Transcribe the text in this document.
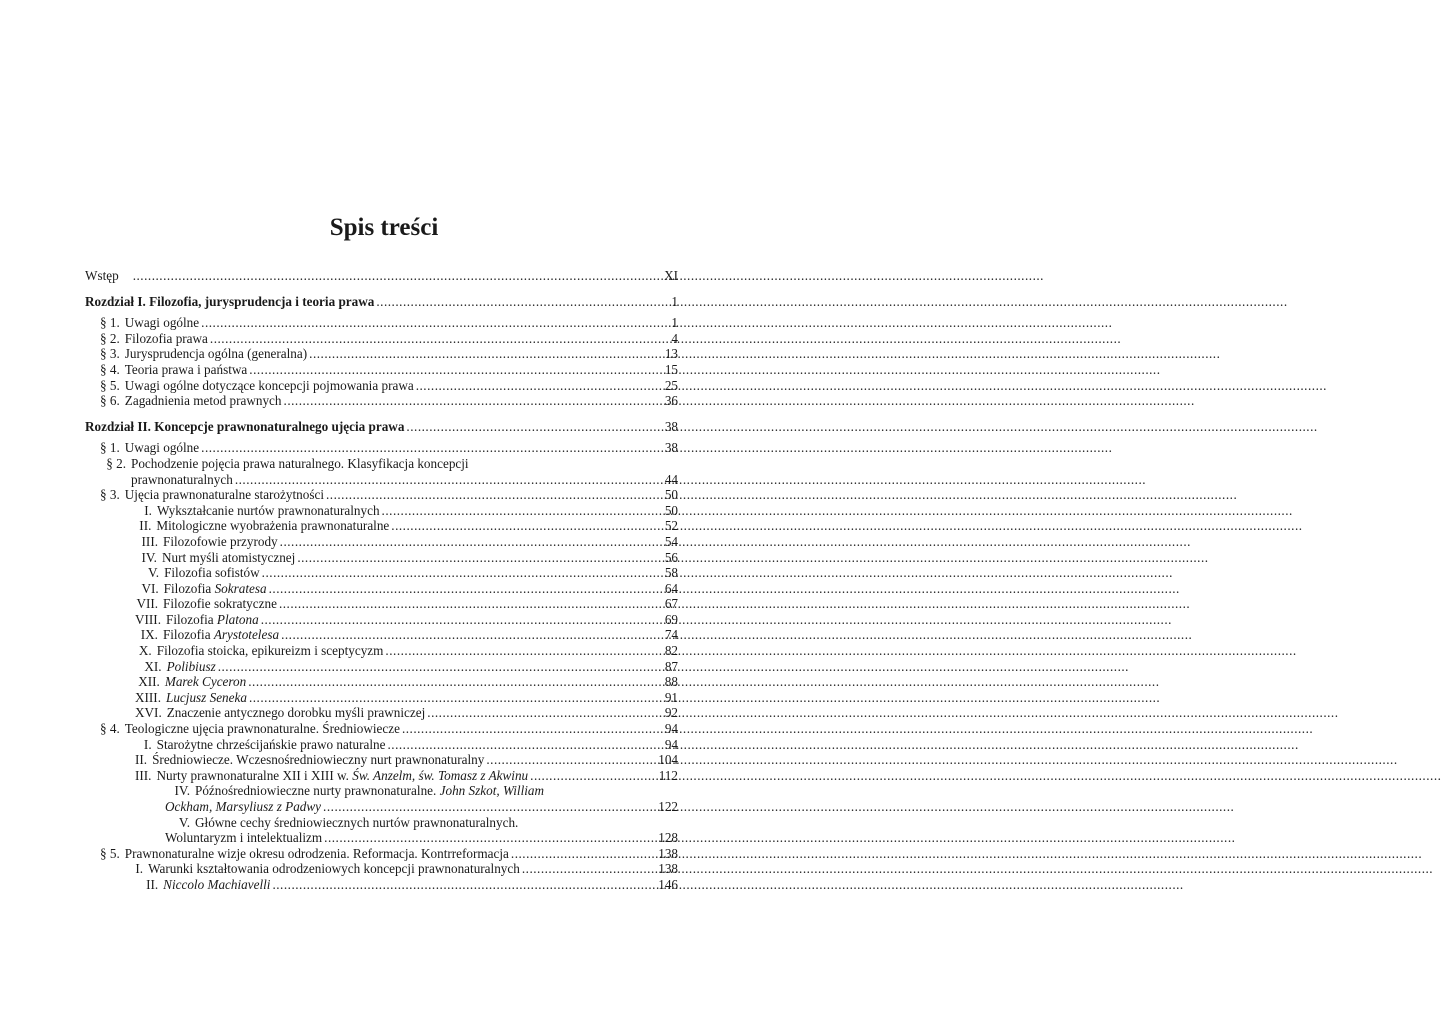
Spis treści
Wstęp .....	XI
Rozdział I. Filozofia, jurysprudencja i teoria prawa .....	1
§ 1. Uwagi ogólne .....	1
§ 2. Filozofia prawa .....	4
§ 3. Jurysprudencja ogólna (generalna) .....	13
§ 4. Teoria prawa i państwa .....	15
§ 5. Uwagi ogólne dotyczące koncepcji pojmowania prawa .....	25
§ 6. Zagadnienia metod prawnych .....	36
Rozdział II. Koncepcje prawnonaturalnego ujęcia prawa .....	38
§ 1. Uwagi ogólne .....	38
§ 2. Pochodzenie pojęcia prawa naturalnego. Klasyfikacja koncepcji
prawnonaturalnych .....	44
§ 3. Ujęcia prawnonaturalne starożytności .....	50
I. Wykształcanie nurtów prawnonaturalnych .....	50
II. Mitologiczne wyobrażenia prawnonaturalne .....	52
III. Filozofowie przyrody .....	54
IV. Nurt myśli atomistycznej .....	56
V. Filozofia sofistów .....	58
VI. Filozofia Sokratesa .....	64
VII. Filozofie sokratyczne .....	67
VIII. Filozofia Platona .....	69
IX. Filozofia Arystotelesa .....	74
X. Filozofia stoicka, epikureizm i sceptycyzm .....	82
XI. Polibiusz .....	87
XII. Marek Cyceron .....	88
XIII. Lucjusz Seneka .....	91
XVI. Znaczenie antycznego dorobku myśli prawniczej .....	92
§ 4. Teologiczne ujęcia prawnonaturalne. Średniowiecze .....	94
I. Starożytne chrześcijańskie prawo naturalne .....	94
II. Średniowiecze. Wczesnośredniowieczny nurt prawnonaturalny .....	104
III. Nurty prawnonaturalne XII i XIII w. Św. Anzelm, św. Tomasz z Akwinu .....	112
IV. Późnośredniowieczne nurty prawnonaturalne. John Szkot, William
Ockham, Marsyliusz z Padwy .....	122
V. Główne cechy średniowiecznych nurtów prawnonaturalnych.
Woluntaryzm i intelektualizm .....	128
§ 5. Prawnonaturalne wizje okresu odrodzenia. Reformacja. Kontrreformacja .....	138
I. Warunki kształtowania odrodzeniowych koncepcji prawnonaturalnych .....	138
II. Niccolo Machiavelli .....	146
